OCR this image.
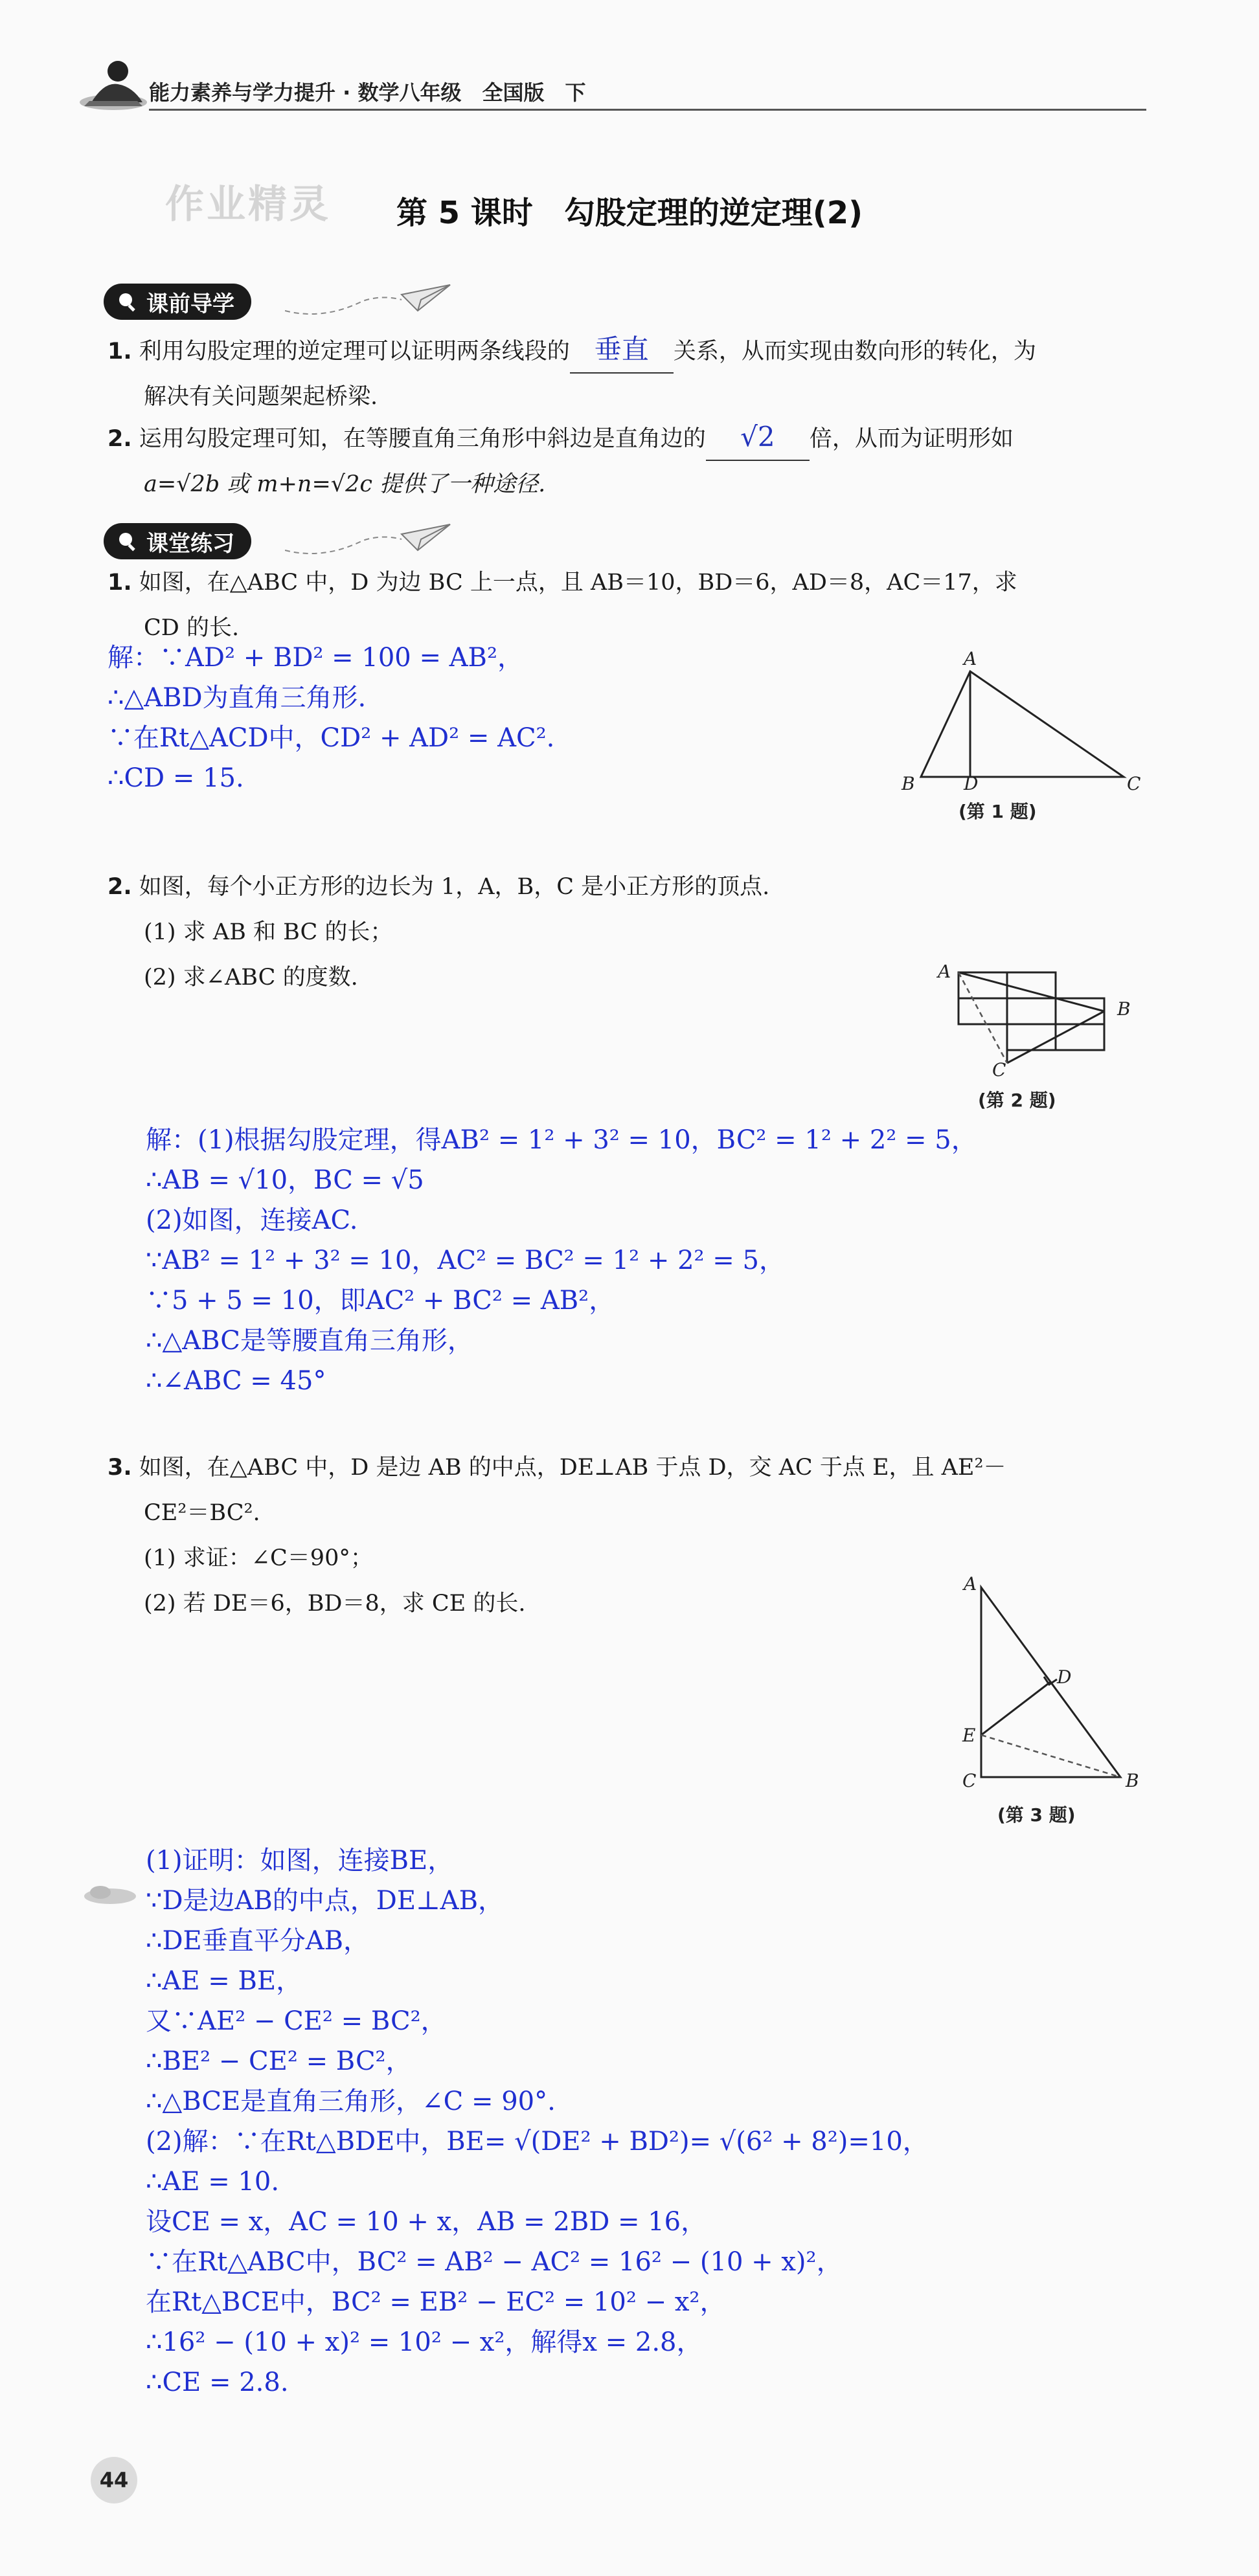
能力素养与学力提升 · 数学八年级　全国版　下
作业精灵	第 5 课时　勾股定理的逆定理(2)
课前导学
1. 利用勾股定理的逆定理可以证明两条线段的 垂直 关系，从而实现由数向形的转化，为
解决有关问题架起桥梁.
2. 运用勾股定理可知，在等腰直角三角形中斜边是直角边的 √2 倍，从而为证明形如
a=√2b 或 m+n=√2c 提供了一种途径.
课堂练习
1. 如图，在△ABC 中，D 为边 BC 上一点，且 AB＝10，BD＝6，AD＝8，AC＝17，求
CD 的长.
解：∵AD² + BD² = 100 = AB²，
∴△ABD为直角三角形.
∵在Rt△ACD中，CD² + AD² = AC².
∴CD = 15.
A
B	D	C
(第 1 题)
2. 如图，每个小正方形的边长为 1，A，B，C 是小正方形的顶点.
(1) 求 AB 和 BC 的长；
(2) 求∠ABC 的度数.	A
B
C
(第 2 题)
解：(1)根据勾股定理，得AB² = 1² + 3² = 10，BC² = 1² + 2² = 5，
∴AB = √10，BC = √5
(2)如图，连接AC.
∵AB² = 1² + 3² = 10，AC² = BC² = 1² + 2² = 5，
∵5 + 5 = 10，即AC² + BC² = AB²，
∴△ABC是等腰直角三角形，
∴∠ABC = 45°
3. 如图，在△ABC 中，D 是边 AB 的中点，DE⊥AB 于点 D，交 AC 于点 E，且 AE²－
CE²＝BC².
(1) 求证：∠C＝90°；
(2) 若 DE＝6，BD＝8，求 CE 的长.
A
D
E
C	B
(第 3 题)
(1)证明：如图，连接BE，
∵D是边AB的中点，DE⊥AB，
∴DE垂直平分AB，
∴AE = BE，
又∵AE² − CE² = BC²，
∴BE² − CE² = BC²，
∴△BCE是直角三角形，∠C = 90°.
(2)解：∵在Rt△BDE中，BE= √(DE² + BD²)= √(6² + 8²)=10，
∴AE = 10.
设CE = x，AC = 10 + x，AB = 2BD = 16，
∵在Rt△ABC中，BC² = AB² − AC² = 16² − (10 + x)²，
在Rt△BCE中，BC² = EB² − EC² = 10² − x²，
∴16² − (10 + x)² = 10² − x²，解得x = 2.8，
∴CE = 2.8.
44
